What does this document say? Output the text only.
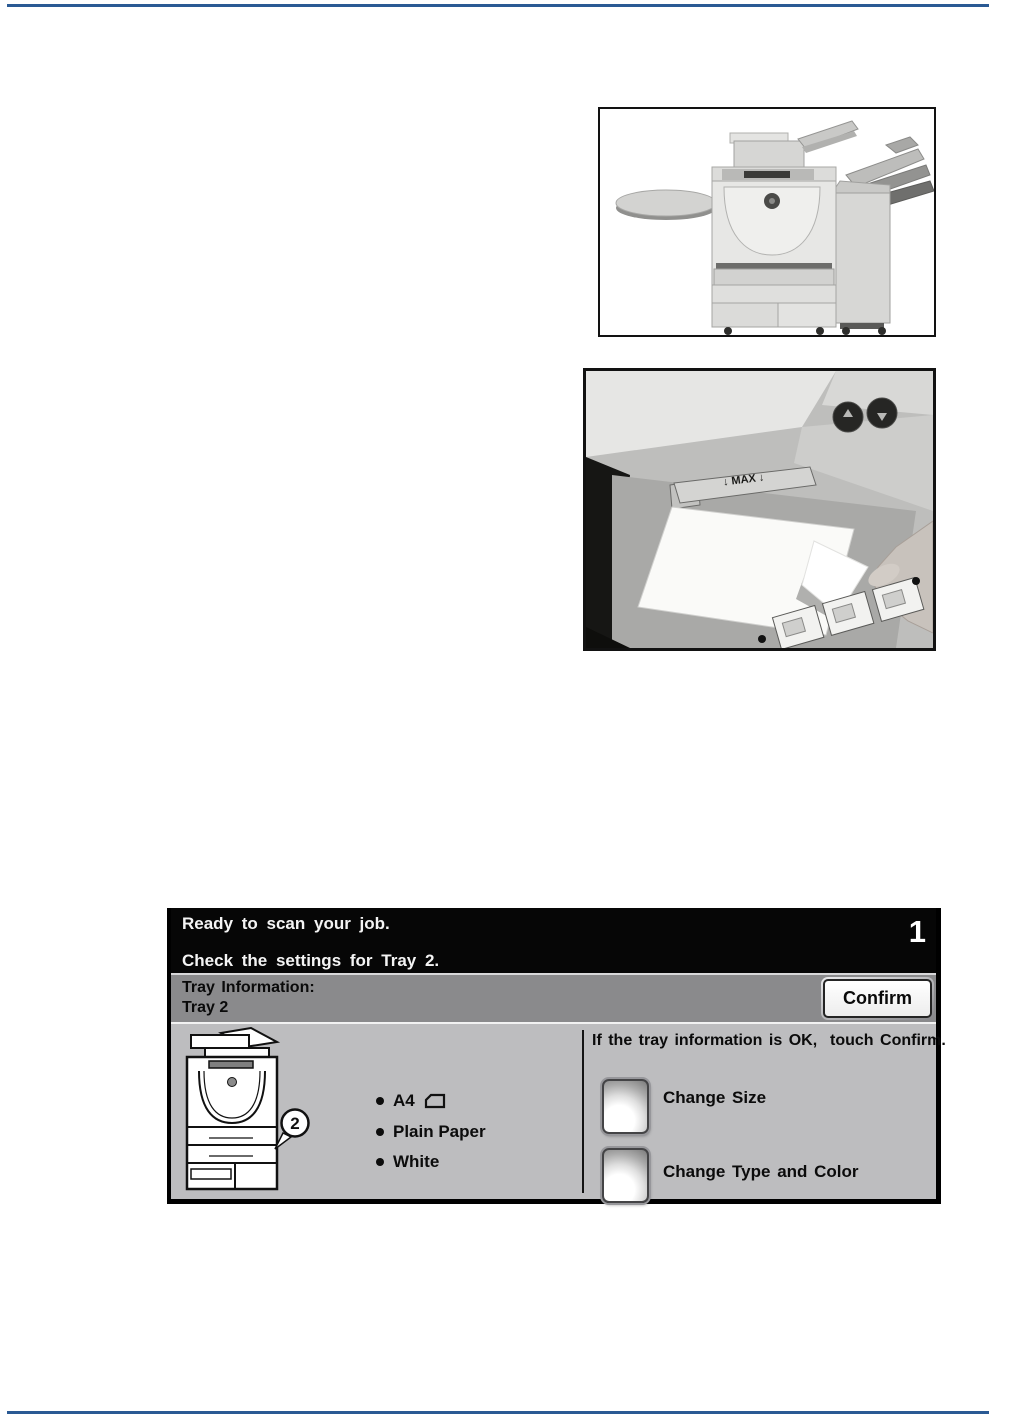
↓ MAX ↓
Ready to scan your job.
Check the settings for Tray 2.
1
Tray Information:
Tray 2	Confirm
2
A4
Plain Paper
White
If the tray information is OK,  touch Confirm.
Change Size
Change Type and Color
